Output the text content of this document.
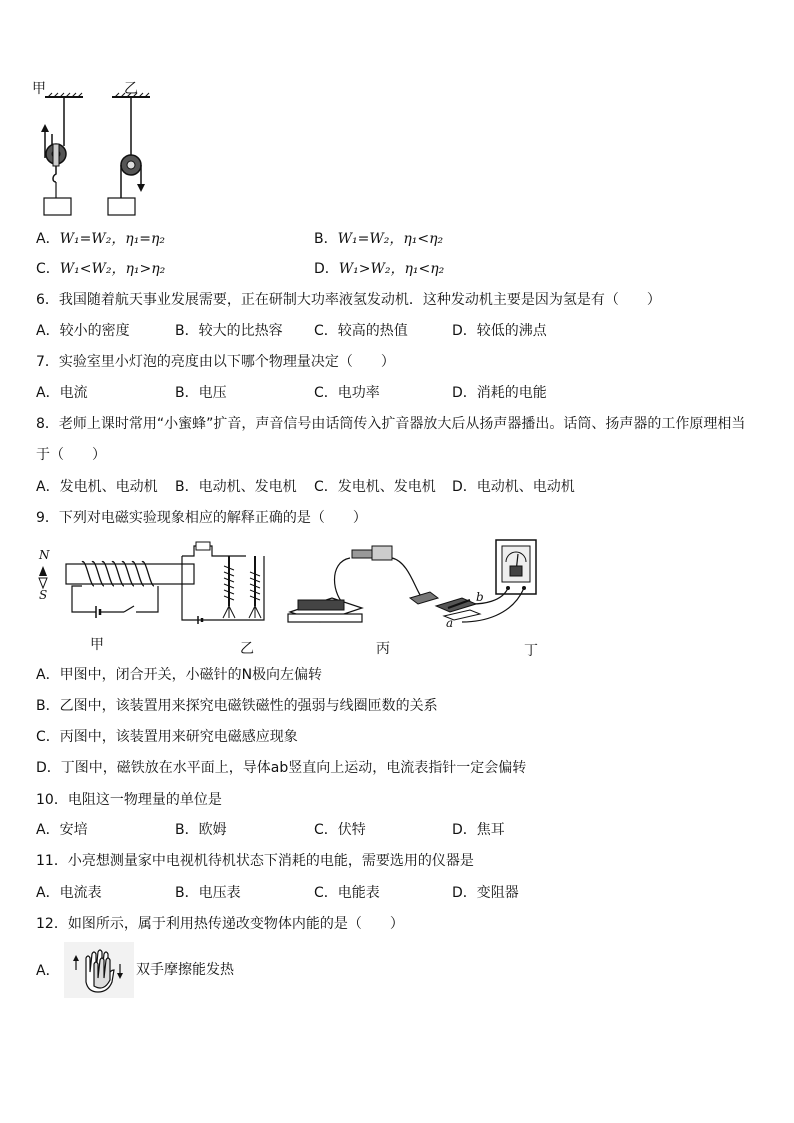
甲	乙
A．W₁=W₂，η₁=η₂	B．W₁=W₂，η₁<η₂
C．W₁<W₂，η₁>η₂	D．W₁>W₂，η₁<η₂
6．我国随着航天事业发展需要，正在研制大功率液氢发动机．这种发动机主要是因为氢是有（　　）
A．较小的密度	B．较大的比热容 C．较高的热值	D．较低的沸点
7．实验室里小灯泡的亮度由以下哪个物理量决定（　　）
A．电流	B．电压	C．电功率	D．消耗的电能
8．老师上课时常用“小蜜蜂”扩音，声音信号由话筒传入扩音器放大后从扬声器播出。话筒、扬声器的工作原理相当
于（　　）
A．发电机、电动机 B．电动机、发电机 C．发电机、发电机 D．电动机、电动机
9．下列对电磁实验现象相应的解释正确的是（　　）
N
S	b
a
甲	乙	丙	丁
A．甲图中，闭合开关，小磁针的N极向左偏转
B．乙图中，该装置用来探究电磁铁磁性的强弱与线圈匝数的关系
C．丙图中，该装置用来研究电磁感应现象
D．丁图中，磁铁放在水平面上，导体ab竖直向上运动，电流表指针一定会偏转
10．电阻这一物理量的单位是
A．安培	B．欧姆	C．伏特	D．焦耳
11．小亮想测量家中电视机待机状态下消耗的电能，需要选用的仪器是
A．电流表	B．电压表	C．电能表	D．变阻器
12．如图所示，属于利用热传递改变物体内能的是（　　）
A．	双手摩擦能发热
